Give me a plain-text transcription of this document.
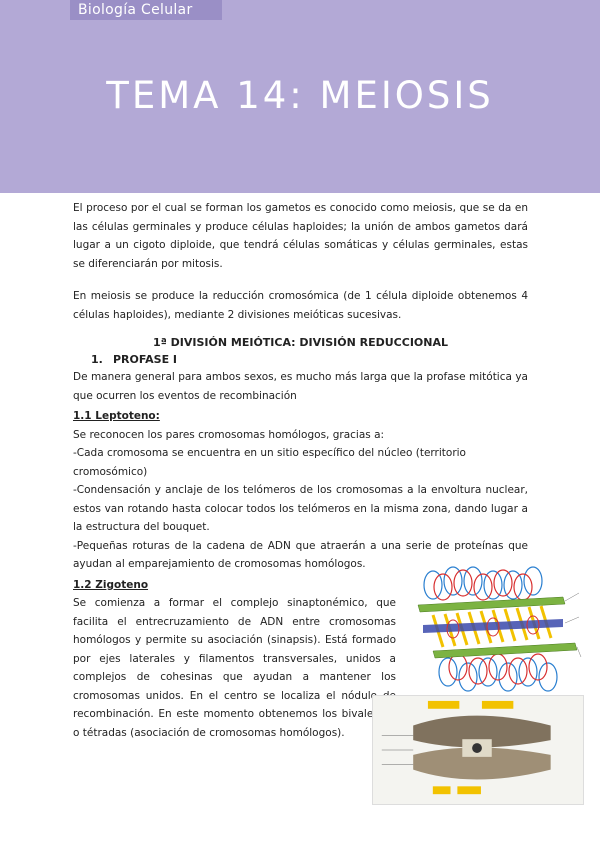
Biología Celular
TEMA 14: MEIOSIS

El proceso por el cual se forman los gametos es conocido como meiosis, que se da en las células germinales y produce células haploides; la unión de ambos gametos dará lugar a un cigoto diploide, que tendrá células somáticas y células germinales, estas se diferenciarán por mitosis.

En meiosis se produce la reducción cromosómica (de 1 célula diploide obtenemos 4 células haploides), mediante 2 divisiones meióticas sucesivas.

1ª DIVISIÓN MEIÓTICA: DIVISIÓN REDUCCIONAL

1. PROFASE I

De manera general para ambos sexos, es mucho más larga que la profase mitótica ya que ocurren los eventos de recombinación

1.1 Leptoteno:

Se reconocen los pares cromosomas homólogos, gracias a:

-Cada cromosoma se encuentra en un sitio específico del núcleo (territorio cromosómico)

-Condensación y anclaje de los telómeros de los cromosomas a la envoltura nuclear, estos van rotando hasta colocar todos los telómeros en la misma zona, dando lugar a la estructura del bouquet.

-Pequeñas roturas de la cadena de ADN que atraerán a una serie de proteínas que ayudan al emparejamiento de cromosomas homólogos.

1.2 Zigoteno

Se comienza a formar el complejo sinaptonémico, que facilita el entrecruzamiento de ADN entre cromosomas homólogos y permite su asociación (sinapsis). Está formado por ejes laterales y filamentos transversales, unidos a complejos de cohesinas que ayudan a mantener los cromosomas unidos. En el centro se localiza el nódulo de recombinación. En este momento obtenemos los bivalentes o tétradas (asociación de cromosomas homólogos).
